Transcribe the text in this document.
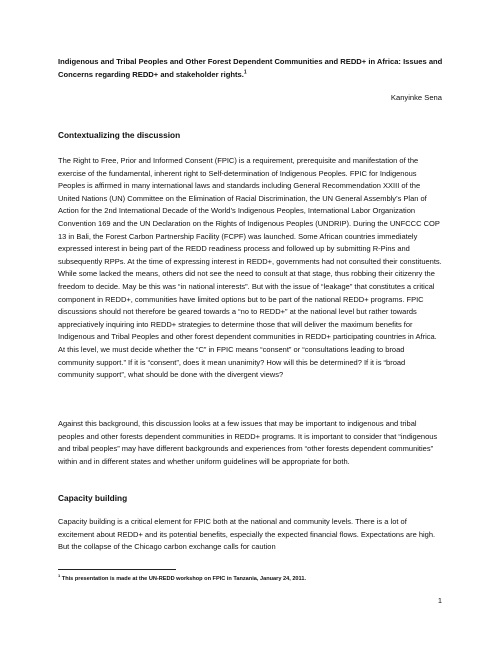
Indigenous and Tribal Peoples and Other Forest Dependent Communities and REDD+ in Africa: Issues and Concerns regarding REDD+ and stakeholder rights.$^1$
Kanyinke Sena
Contextualizing the discussion

The Right to Free, Prior and Informed Consent (FPIC) is a requirement, prerequisite and manifestation of the exercise of the fundamental, inherent right to Self-determination of Indigenous Peoples. FPIC for Indigenous Peoples is affirmed in many international laws and standards including General Recommendation XXIII of the United Nations (UN) Committee on the Elimination of Racial Discrimination, the UN General Assembly’s Plan of Action for the 2nd International Decade of the World’s Indigenous Peoples, International Labor Organization Convention 169 and the UN Declaration on the Rights of Indigenous Peoples (UNDRIP). During the UNFCCC COP 13 in Bali, the Forest Carbon Partnership Facility (FCPF) was launched. Some African countries immediately expressed interest in being part of the REDD readiness process and followed up by submitting R-Pins and subsequently RPPs. At the time of expressing interest in REDD+, governments had not consulted their constituents. While some lacked the means, others did not see the need to consult at that stage, thus robbing their citizenry the freedom to decide. May be this was “in national interests”. But with the issue of “leakage” that constitutes a critical component in REDD+, communities have limited options but to be part of the national REDD+ programs. FPIC discussions should not therefore be geared towards a “no to REDD+” at the national level but rather towards appreciatively inquiring into REDD+ strategies to determine those that will deliver the maximum benefits for Indigenous and Tribal Peoples and other forest dependent communities in REDD+ participating countries in Africa. At this level, we must decide whether the “C” in FPIC means “consent” or “consultations leading to broad community support.” If it is “consent”, does it mean unanimity? How will this be determined? If it is “broad community support”, what should be done with the divergent views?

Against this background, this discussion looks at a few issues that may be important to indigenous and tribal peoples and other forests dependent communities in REDD+ programs. It is important to consider that “indigenous and tribal peoples” may have different backgrounds and experiences from “other forests dependent communities” within and in different states and whether uniform guidelines will be appropriate for both.

Capacity building

Capacity building is a critical element for FPIC both at the national and community levels. There is a lot of excitement about REDD+ and its potential benefits, especially the expected financial flows. Expectations are high. But the collapse of the Chicago carbon exchange calls for caution

$^1$ This presentation is made at the UN-REDD workshop on FPIC in Tanzania, January 24, 2011.
1
